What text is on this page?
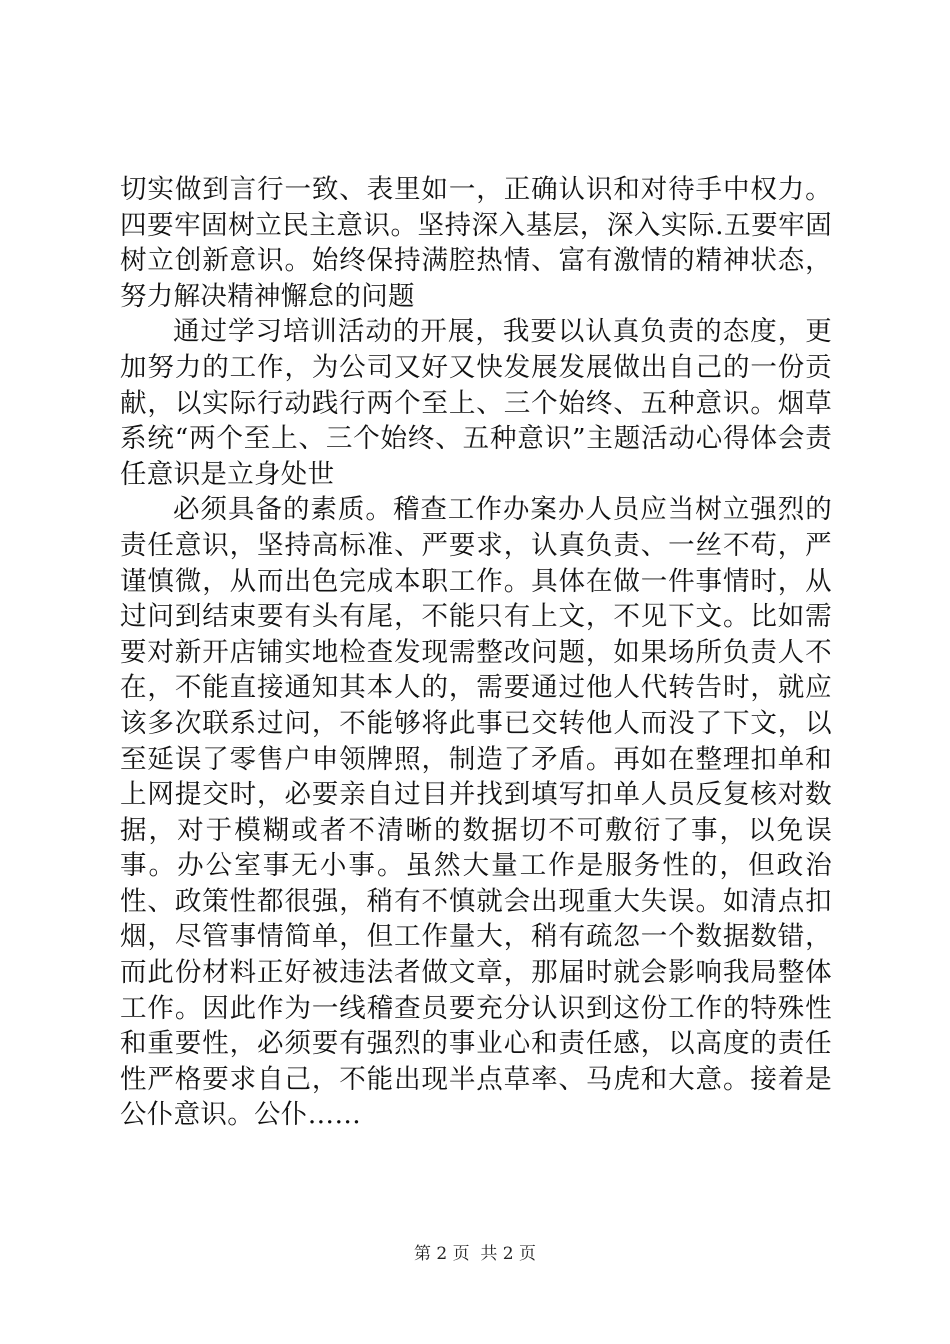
切实做到言行一致、表里如一，正确认识和对待手中权力。四要牢固树立民主意识。坚持深入基层，深入实际.五要牢固树立创新意识。始终保持满腔热情、富有激情的精神状态，努力解决精神懈怠的问题

通过学习培训活动的开展，我要以认真负责的态度，更加努力的工作，为公司又好又快发展发展做出自己的一份贡献，以实际行动践行两个至上、三个始终、五种意识。烟草系统“两个至上、三个始终、五种意识”主题活动心得体会责任意识是立身处世

必须具备的素质。稽查工作办案办人员应当树立强烈的责任意识，坚持高标准、严要求，认真负责、一丝不苟，严谨慎微，从而出色完成本职工作。具体在做一件事情时，从过问到结束要有头有尾，不能只有上文，不见下文。比如需要对新开店铺实地检查发现需整改问题，如果场所负责人不在，不能直接通知其本人的，需要通过他人代转告时，就应该多次联系过问，不能够将此事已交转他人而没了下文，以至延误了零售户申领牌照，制造了矛盾。再如在整理扣单和上网提交时，必要亲自过目并找到填写扣单人员反复核对数据，对于模糊或者不清晰的数据切不可敷衍了事，以免误事。办公室事无小事。虽然大量工作是服务性的，但政治性、政策性都很强，稍有不慎就会出现重大失误。如清点扣烟，尽管事情简单，但工作量大，稍有疏忽一个数据数错，而此份材料正好被违法者做文章，那届时就会影响我局整体工作。因此作为一线稽查员要充分认识到这份工作的特殊性和重要性，必须要有强烈的事业心和责任感，以高度的责任性严格要求自己，不能出现半点草率、马虎和大意。接着是公仆意识。公仆……

第 2 页  共 2 页
